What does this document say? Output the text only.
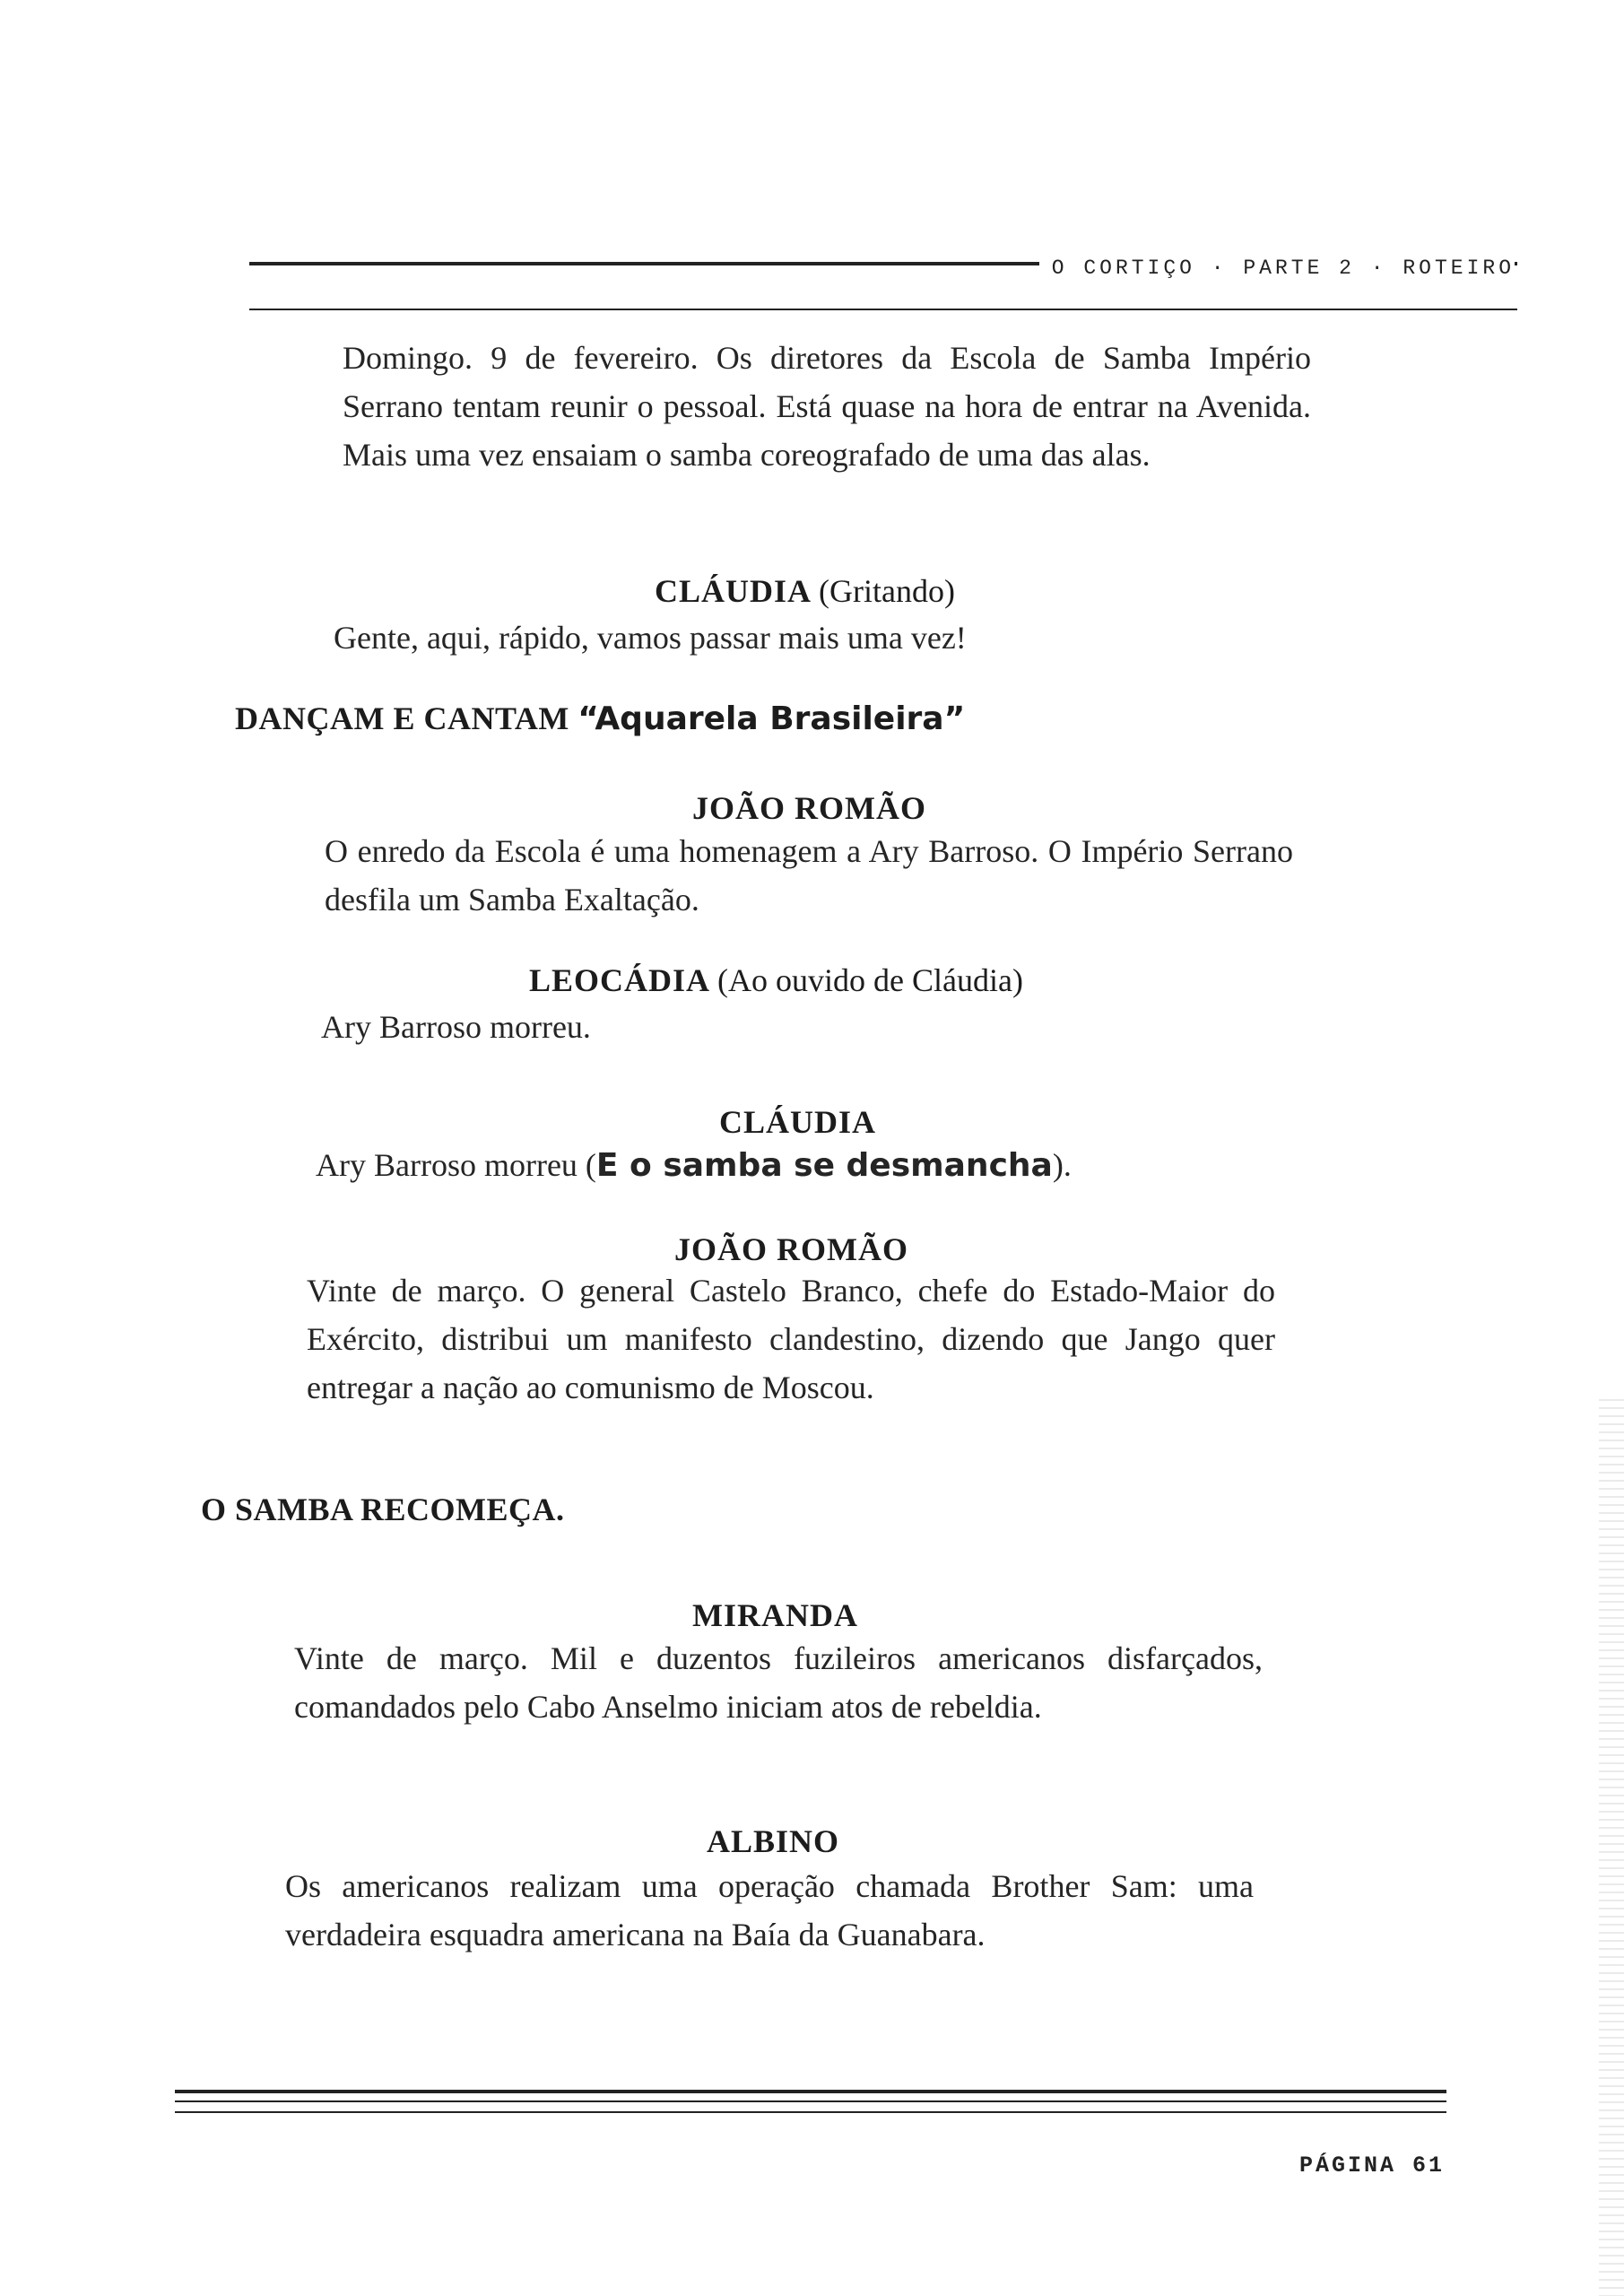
O CORTIÇO · PARTE 2 · ROTEIRO
Domingo. 9 de fevereiro. Os diretores da Escola de Samba Império Serrano tentam reunir o pessoal. Está quase na hora de entrar na Avenida. Mais uma vez ensaiam o samba coreografado de uma das alas.
CLÁUDIA (Gritando)
Gente, aqui, rápido, vamos passar mais uma vez!
DANÇAM E CANTAM “Aquarela Brasileira”
JOÃO ROMÃO
O enredo da Escola é uma homenagem a Ary Barroso. O Império Serrano desfila um Samba Exaltação.
LEOCÁDIA (Ao ouvido de Cláudia)
Ary Barroso morreu.
CLÁUDIA
Ary Barroso morreu (E o samba se desmancha).
JOÃO ROMÃO
Vinte de março. O general Castelo Branco, chefe do Estado-Maior do Exército, distribui um manifesto clandestino, dizendo que Jango quer entregar a nação ao comunismo de Moscou.
O SAMBA RECOMEÇA.
MIRANDA
Vinte de março. Mil e duzentos fuzileiros americanos disfarçados, comandados pelo Cabo Anselmo iniciam atos de rebeldia.
ALBINO
Os americanos realizam uma operação chamada Brother Sam: uma verdadeira esquadra americana na Baía da Guanabara.
PÁGINA 61
